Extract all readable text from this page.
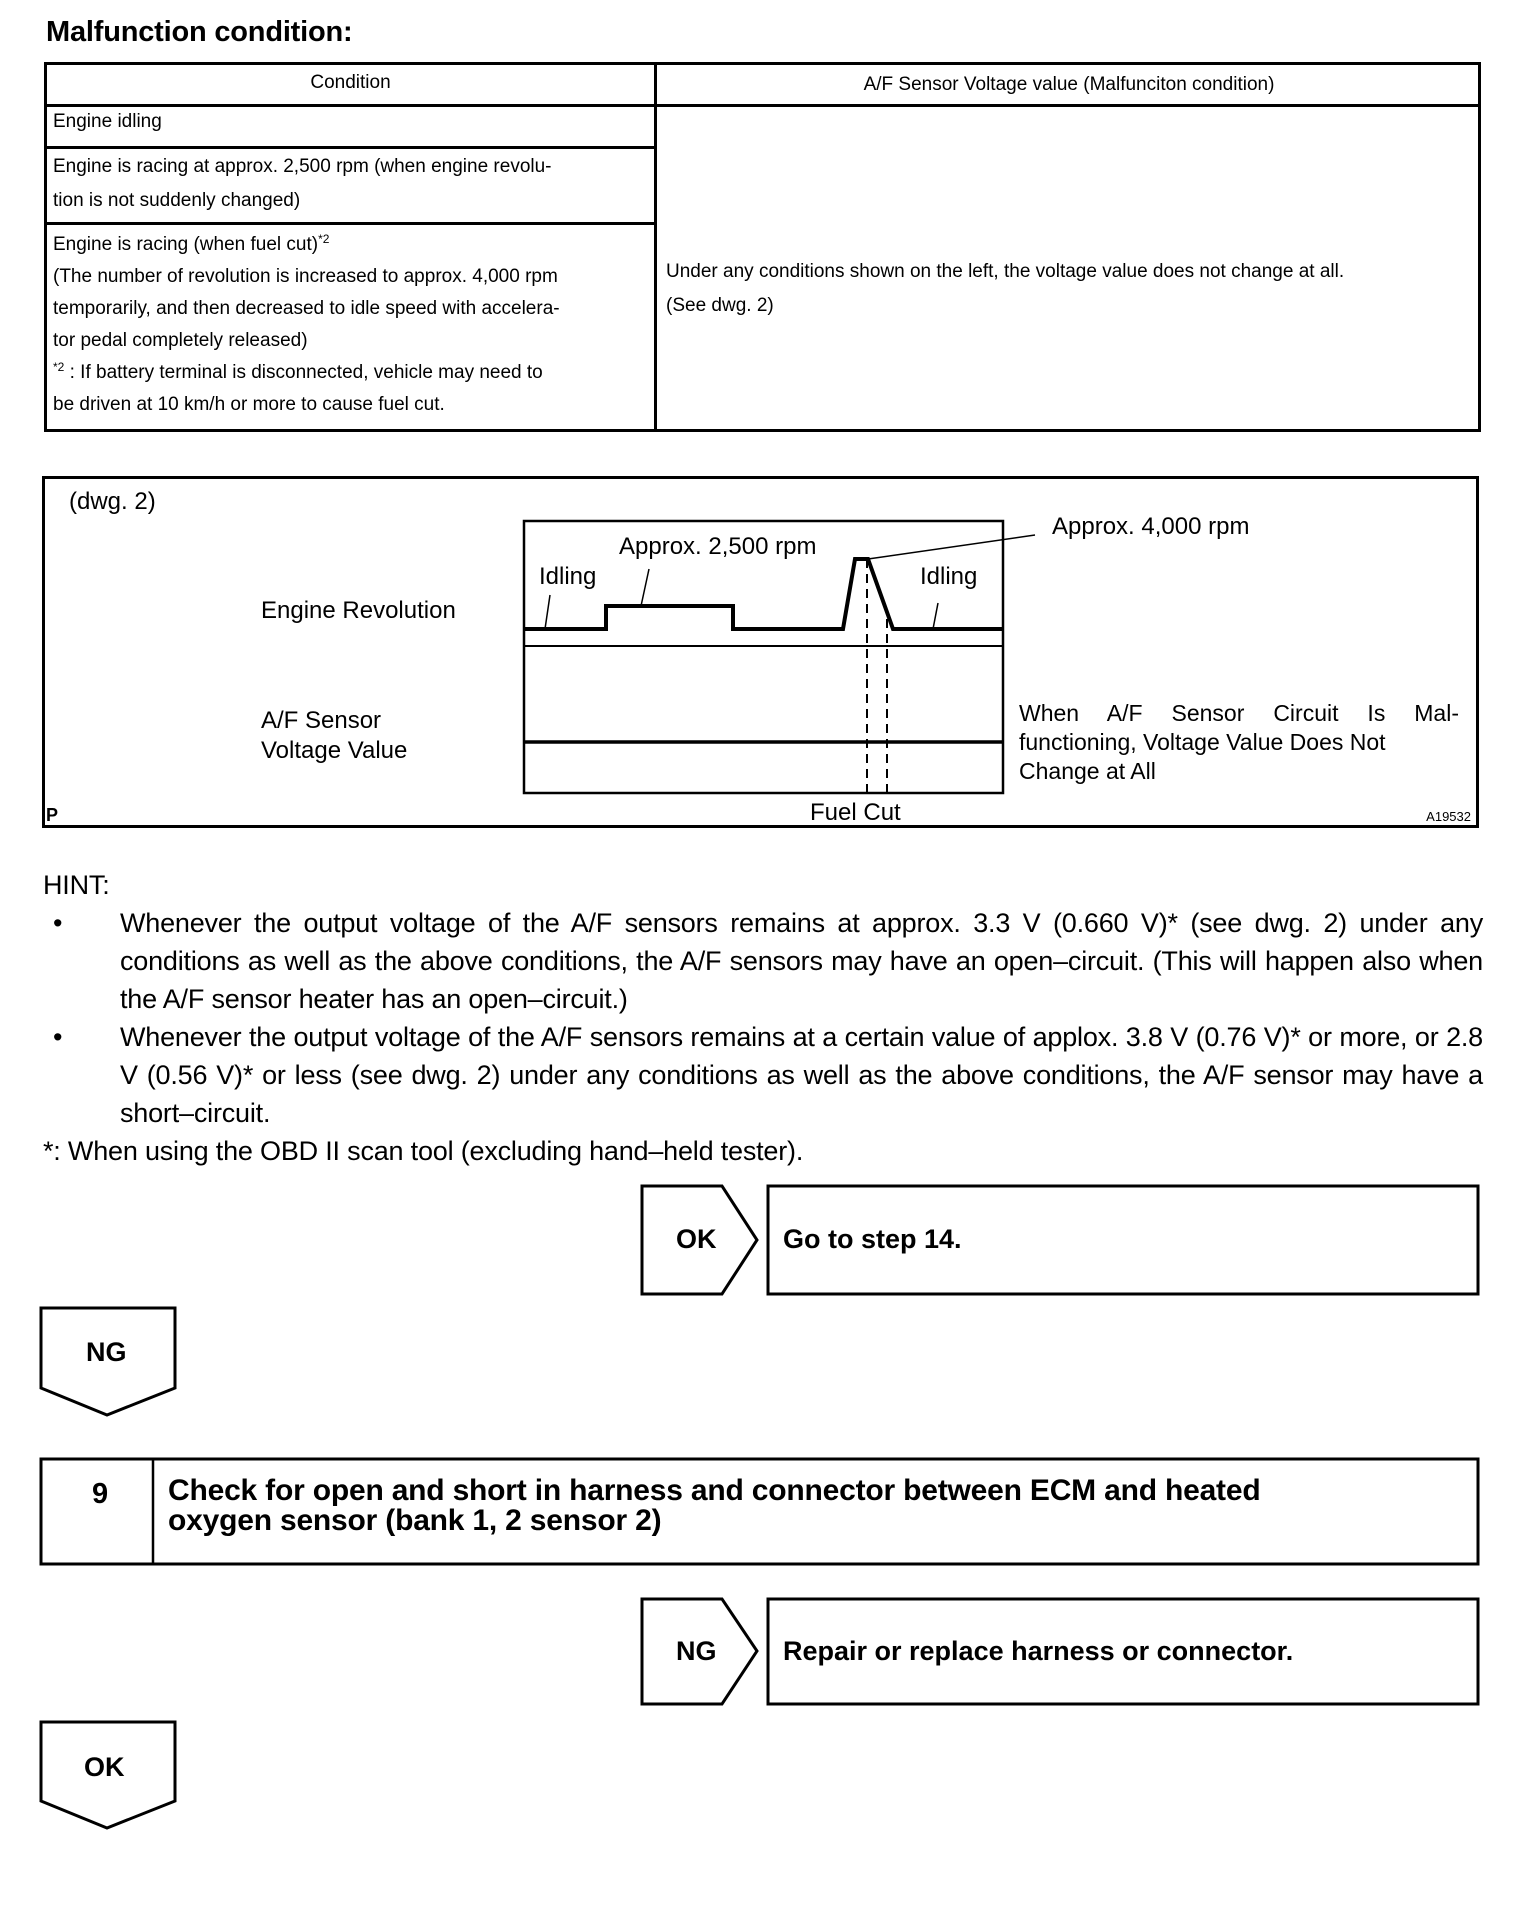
Malfunction condition:
Condition	A/F Sensor Voltage value (Malfunciton condition)
Engine idling
Engine is racing at approx. 2,500 rpm (when engine revolu-
tion is not suddenly changed)
Engine is racing (when fuel cut)$^{*2}$
(The number of revolution is increased to approx. 4,000 rpm
temporarily, and then decreased to idle speed with accelera-
tor pedal completely released)
$^{*2}$ : If battery terminal is disconnected, vehicle may need to
be driven at 10 km/h or more to cause fuel cut.
Under any conditions shown on the left, the voltage value does not change at all.
(See dwg. 2)
(dwg. 2)
Engine Revolution
A/F Sensor
Voltage Value
Idling
Approx. 2,500 rpm
Approx. 4,000 rpm
Idling
Fuel Cut
When A/F Sensor Circuit Is Mal-
functioning, Voltage Value Does Not
Change at All
P	A19532
HINT:
• Whenever the output voltage of the A/F sensors remains at approx. 3.3 V (0.660 V)* (see dwg. 2) under any conditions as well as the above conditions, the A/F sensors may have an open–circuit. (This will happen also when the A/F sensor heater has an open–circuit.)
• Whenever the output voltage of the A/F sensors remains at a certain value of applox. 3.8 V (0.76 V)* or more, or 2.8 V (0.56 V)* or less (see dwg. 2) under any conditions as well as the above conditions, the A/F sensor may have a short–circuit.
*: When using the OBD II scan tool (excluding hand–held tester).
OK Go to step 14.
NG
9 Check for open and short in harness and connector between ECM and heated
oxygen sensor (bank 1, 2 sensor 2)
NG Repair or replace harness or connector.
OK
